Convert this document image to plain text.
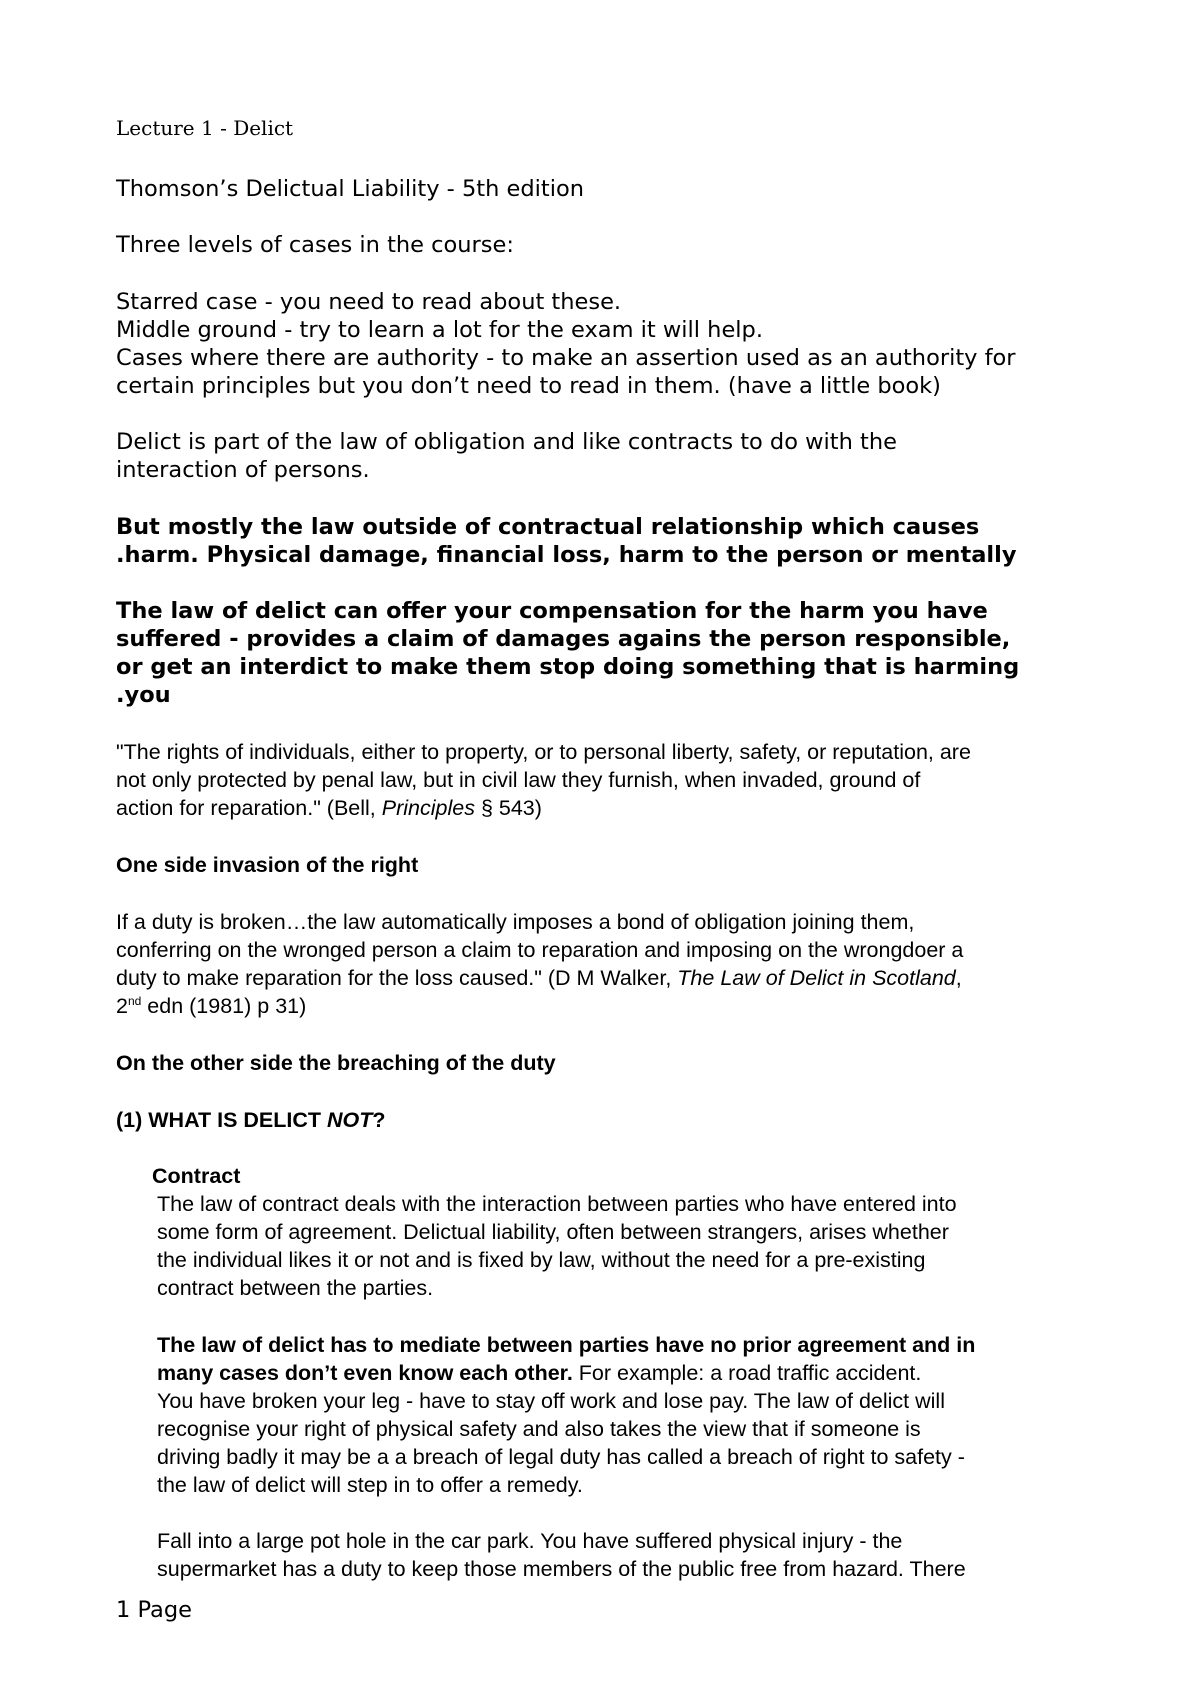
Lecture 1 - Delict
Thomson’s Delictual Liability - 5th edition
Three levels of cases in the course:
Starred case - you need to read about these.
Middle ground - try to learn a lot for the exam it will help.
Cases where there are authority - to make an assertion used as an authority for
certain principles but you don’t need to read in them. (have a little book)
Delict is part of the law of obligation and like contracts to do with the
interaction of persons.
But mostly the law outside of contractual relationship which causes
.harm. Physical damage, financial loss, harm to the person or mentally
The law of delict can offer your compensation for the harm you have
suffered - provides a claim of damages agains the person responsible,
or get an interdict to make them stop doing something that is harming
.you
"The rights of individuals, either to property, or to personal liberty, safety, or reputation, are
not only protected by penal law, but in civil law they furnish, when invaded, ground of
action for reparation." (Bell, Principles § 543)
One side invasion of the right
If a duty is broken…the law automatically imposes a bond of obligation joining them,
conferring on the wronged person a claim to reparation and imposing on the wrongdoer a
duty to make reparation for the loss caused." (D M Walker, The Law of Delict in Scotland,
2nd edn (1981) p 31)
On the other side the breaching of the duty
(1) WHAT IS DELICT NOT?
Contract
The law of contract deals with the interaction between parties who have entered into
some form of agreement. Delictual liability, often between strangers, arises whether
the individual likes it or not and is fixed by law, without the need for a pre-existing
contract between the parties.
The law of delict has to mediate between parties have no prior agreement and in
many cases don’t even know each other. For example: a road traffic accident.
You have broken your leg - have to stay off work and lose pay. The law of delict will
recognise your right of physical safety and also takes the view that if someone is
driving badly it may be a a breach of legal duty has called a breach of right to safety -
the law of delict will step in to offer a remedy.
Fall into a large pot hole in the car park. You have suffered physical injury - the
supermarket has a duty to keep those members of the public free from hazard. There
1 Page
